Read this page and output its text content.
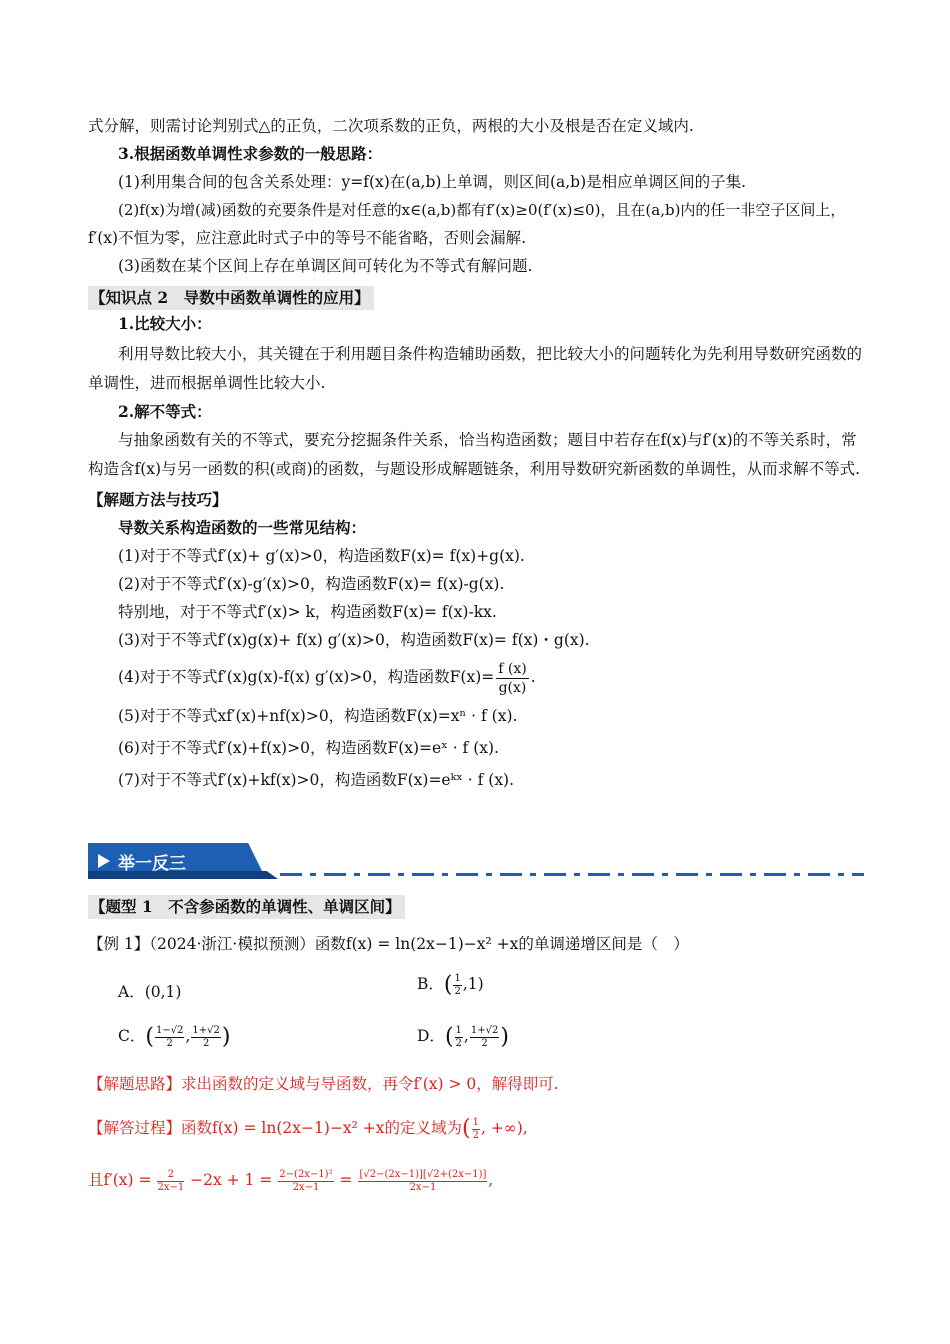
式分解，则需讨论判别式△的正负，二次项系数的正负，两根的大小及根是否在定义域内.
3.根据函数单调性求参数的一般思路：
(1)利用集合间的包含关系处理：y=f(x)在(a,b)上单调，则区间(a,b)是相应单调区间的子集.
(2)f(x)为增(减)函数的充要条件是对任意的x∈(a,b)都有f′(x)≥0(f′(x)≤0)，且在(a,b)内的任一非空子区间上，
f′(x)不恒为零，应注意此时式子中的等号不能省略，否则会漏解.
(3)函数在某个区间上存在单调区间可转化为不等式有解问题.
【知识点 2　导数中函数单调性的应用】
1.比较大小：
利用导数比较大小，其关键在于利用题目条件构造辅助函数，把比较大小的问题转化为先利用导数研究函数的单调性，进而根据单调性比较大小.
2.解不等式：
与抽象函数有关的不等式，要充分挖掘条件关系，恰当构造函数；题目中若存在f(x)与f′(x)的不等关系时，常构造含f(x)与另一函数的积(或商)的函数，与题设形成解题链条，利用导数研究新函数的单调性，从而求解不等式.
【解题方法与技巧】
导数关系构造函数的一些常见结构：
(1)对于不等式f′(x)+ g′(x)>0，构造函数F(x)= f(x)+g(x).
(2)对于不等式f′(x)-g′(x)>0，构造函数F(x)= f(x)-g(x).
特别地，对于不等式f′(x)> k，构造函数F(x)= f(x)-kx.
(3)对于不等式f′(x)g(x)+ f(x) g′(x)>0，构造函数F(x)= f(x)・g(x).
(4)对于不等式f′(x)g(x)-f(x) g′(x)>0，构造函数$F(x)= \frac{f (x)}{g(x)}$ .
(5)对于不等式xf′(x)+nf(x)>0，构造函数F(x)=xⁿ · f (x).
(6)对于不等式f′(x)+f(x)>0，构造函数F(x)=eˣ · f (x).
(7)对于不等式f′(x)+kf(x)>0，构造函数F(x)=eᵏˣ · f (x).
举一反三
【题型 1　不含参函数的单调性、单调区间】
【例 1】（2024·浙江·模拟预测）函数f(x) = ln(2x−1)−x² +x的单调递增区间是（　）
A．(0,1)	B．( $\frac{1}{2} ,1$)
C．( $\frac{1-√2}{2}$ , $\frac{1+√2}{2}$ )	D．( $\frac{1}{2}$ , $\frac{1+√2}{2}$ )
【解题思路】求出函数的定义域与导函数，再令f′(x) > 0，解得即可.
【解答过程】函数f(x) = ln(2x−1)−x² +x的定义域为( $\frac{1}{2}$ , +∞),
且$f'(x) = \frac{2}{2x-1} -2x + 1 = \frac{\text{2−(2x−1)²}}{2x-1} = \frac{[√2-(2x-1)][√2+(2x-1)]}{2x-1}$ ,
